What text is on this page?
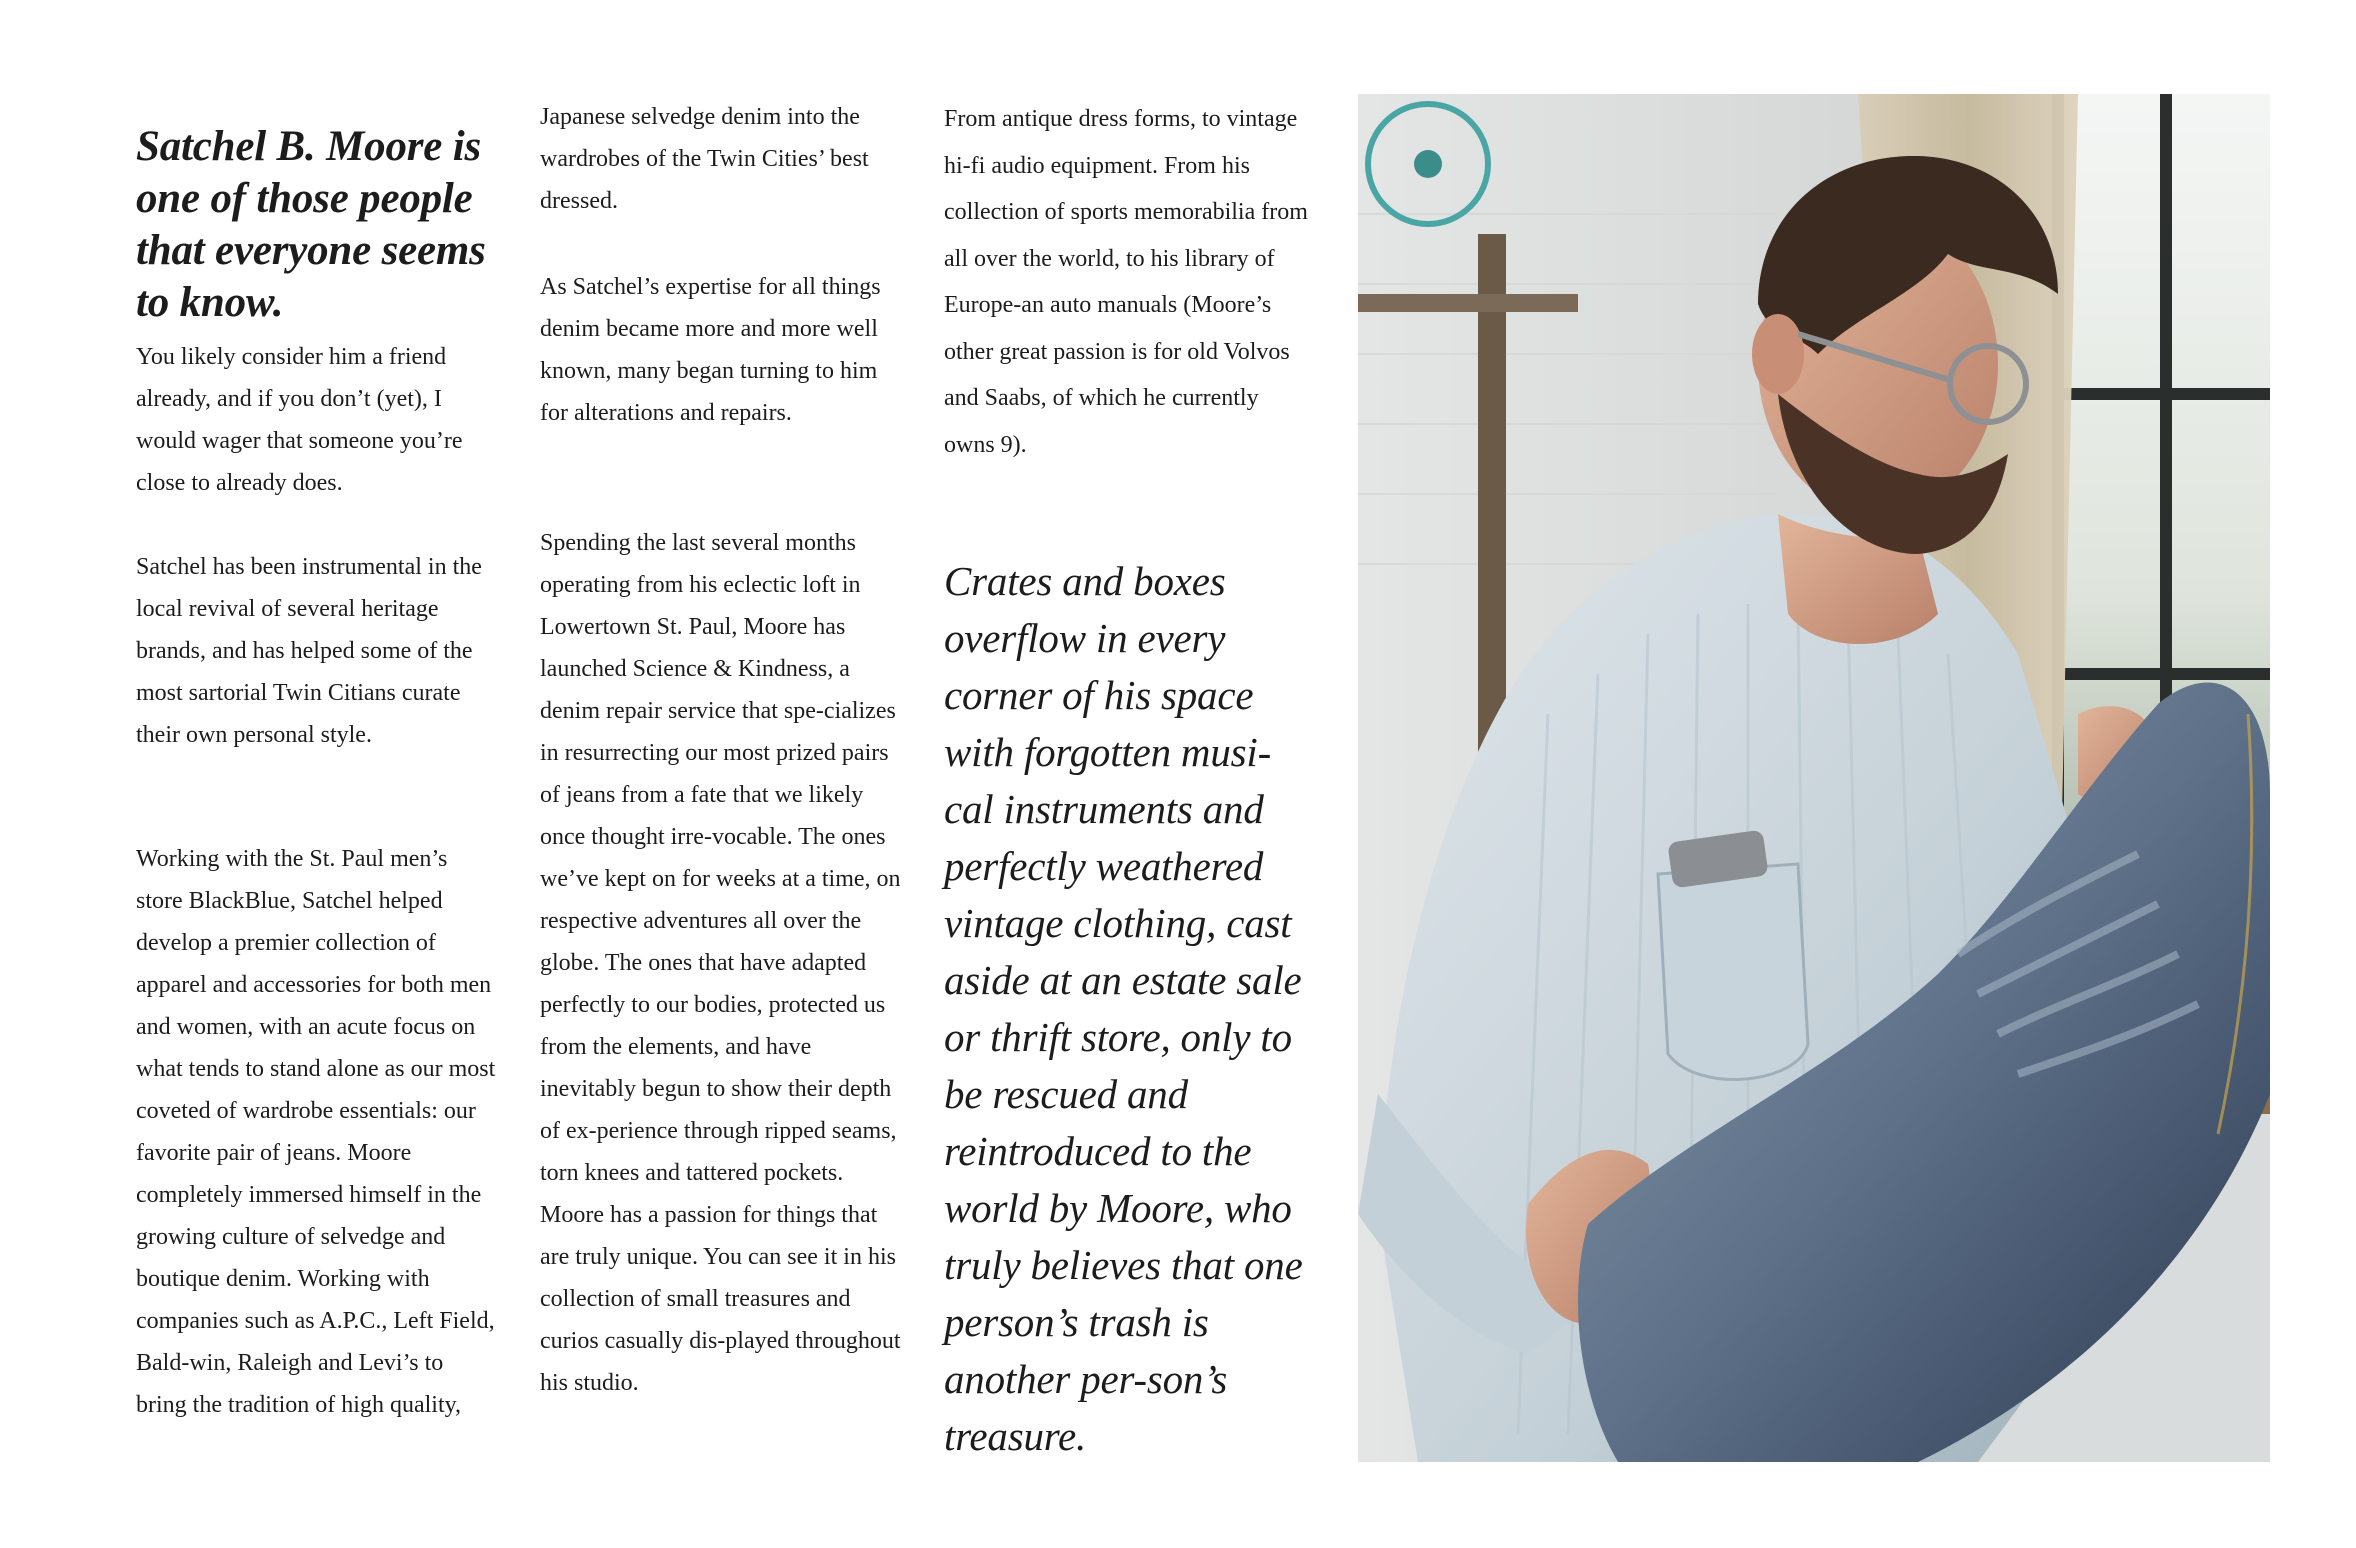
Satchel B. Moore is one of those people that everyone seems to know.

You likely consider him a friend already, and if you don’t (yet), I would wager that someone you’re close to already does.

Satchel has been instrumental in the local revival of several heritage brands, and has helped some of the most sartorial Twin Citians curate their own personal style.

Working with the St. Paul men’s store BlackBlue, Satchel helped develop a premier collection of apparel and accessories for both men and women, with an acute focus on what tends to stand alone as our most coveted of wardrobe essentials: our favorite pair of jeans. Moore completely immersed himself in the growing culture of selvedge and boutique denim. Working with companies such as A.P.C., Left Field, Bald-win, Raleigh and Levi’s to bring the tradition of high quality,

Japanese selvedge denim into the wardrobes of the Twin Cities’ best dressed.

As Satchel’s expertise for all things denim became more and more well known, many began turning to him for alterations and repairs.

Spending the last several months operating from his eclectic loft in Lowertown St. Paul, Moore has launched Science & Kindness, a denim repair service that spe-cializes in resurrecting our most prized pairs of jeans from a fate that we likely once thought irre-vocable. The ones we’ve kept on for weeks at a time, on respective adventures all over the globe. The ones that have adapted perfectly to our bodies, protected us from the elements, and have inevitably begun to show their depth of ex-perience through ripped seams, torn knees and tattered pockets. Moore has a passion for things that are truly unique. You can see it in his collection of small treasures and curios casually dis-played throughout his studio.

From antique dress forms, to vintage hi-fi audio equipment. From his collection of sports memorabilia from all over the world, to his library of Europe-an auto manuals (Moore’s other great passion is for old Volvos and Saabs, of which he currently owns 9).

Crates and boxes overflow in every corner of his space with forgotten musi-cal instruments and perfectly weathered vintage clothing, cast aside at an estate sale or thrift store, only to be rescued and reintroduced to the world by Moore, who truly believes that one person’s trash is another per-son’s treasure.
